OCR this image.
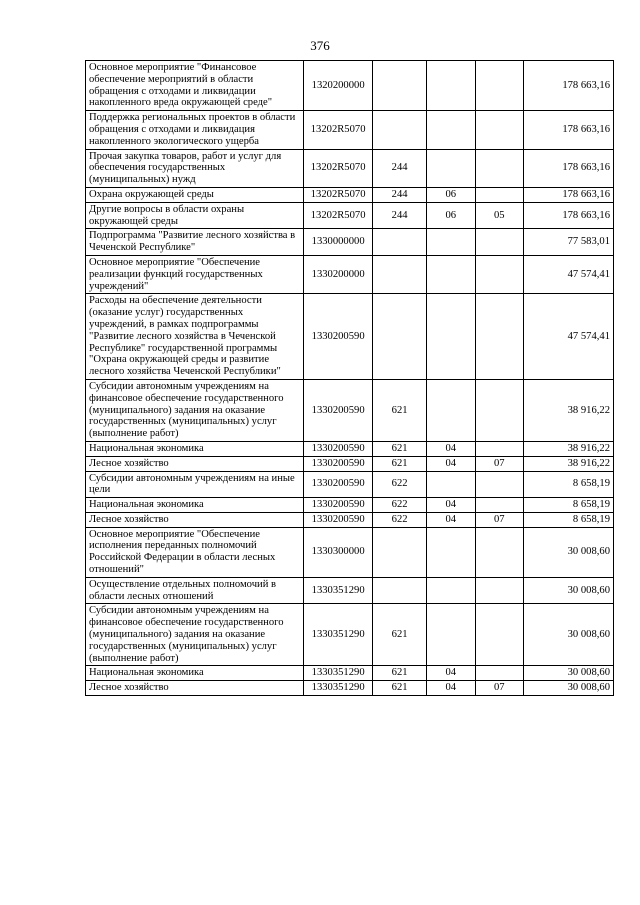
376
Основное мероприятие "Финансовое обеспечение мероприятий в области обращения с отходами и ликвидации накопленного вреда окружающей среде"	1320200000				178 663,16
Поддержка региональных проектов в области обращения с отходами и ликвидация накопленного экологического ущерба	13202R5070				178 663,16
Прочая закупка товаров, работ и услуг для обеспечения государственных (муниципальных) нужд	13202R5070	244			178 663,16
Охрана окружающей среды	13202R5070	244	06		178 663,16
Другие вопросы в области охраны окружающей среды	13202R5070	244	06	05	178 663,16
Подпрограмма "Развитие лесного хозяйства в Чеченской Республике"	1330000000				77 583,01
Основное мероприятие "Обеспечение реализации функций государственных учреждений"	1330200000				47 574,41
Расходы на обеспечение деятельности (оказание услуг) государственных учреждений, в рамках подпрограммы "Развитие лесного хозяйства в Чеченской Республике" государственной программы "Охрана окружающей среды и развитие лесного хозяйства Чеченской Республики"	1330200590				47 574,41
Субсидии автономным учреждениям на финансовое обеспечение государственного (муниципального) задания на оказание государственных (муниципальных) услуг (выполнение работ)	1330200590	621			38 916,22
Национальная экономика	1330200590	621	04		38 916,22
Лесное хозяйство	1330200590	621	04	07	38 916,22
Субсидии автономным учреждениям на иные цели	1330200590	622			8 658,19
Национальная экономика	1330200590	622	04		8 658,19
Лесное хозяйство	1330200590	622	04	07	8 658,19
Основное мероприятие "Обеспечение исполнения переданных полномочий Российской Федерации в области лесных отношений"	1330300000				30 008,60
Осуществление отдельных полномочий в области лесных отношений	1330351290				30 008,60
Субсидии автономным учреждениям на финансовое обеспечение государственного (муниципального) задания на оказание государственных (муниципальных) услуг (выполнение работ)	1330351290	621			30 008,60
Национальная экономика	1330351290	621	04		30 008,60
Лесное хозяйство	1330351290	621	04	07	30 008,60
